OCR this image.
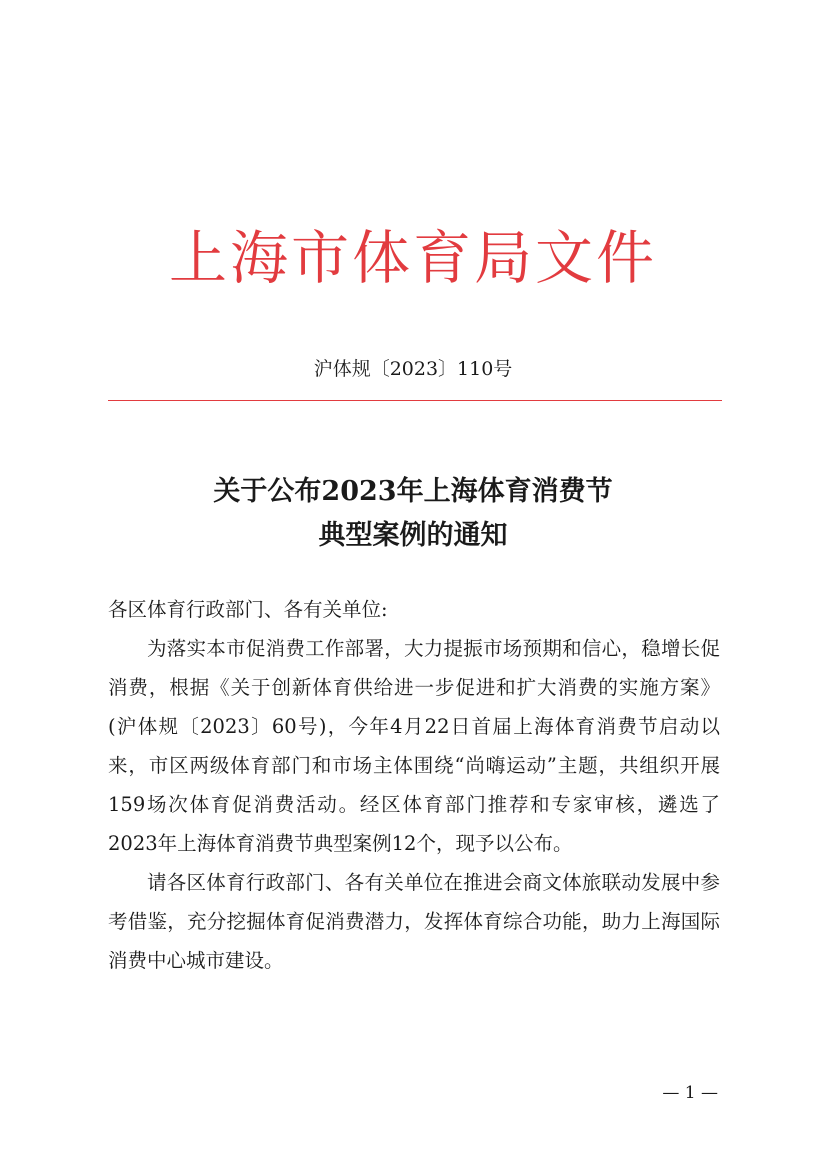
上海市体育局文件
沪体规〔2023〕110号
关于公布2023年上海体育消费节
典型案例的通知

各区体育行政部门、各有关单位:

为落实本市促消费工作部署，大力提振市场预期和信心，稳增长促消费，根据《关于创新体育供给进一步促进和扩大消费的实施方案》(沪体规〔2023〕60号)，今年4月22日首届上海体育消费节启动以来，市区两级体育部门和市场主体围绕“尚嗨运动”主题，共组织开展159场次体育促消费活动。经区体育部门推荐和专家审核，遴选了2023年上海体育消费节典型案例12个，现予以公布。

请各区体育行政部门、各有关单位在推进会商文体旅联动发展中参考借鉴，充分挖掘体育促消费潜力，发挥体育综合功能，助力上海国际消费中心城市建设。

— 1 —
